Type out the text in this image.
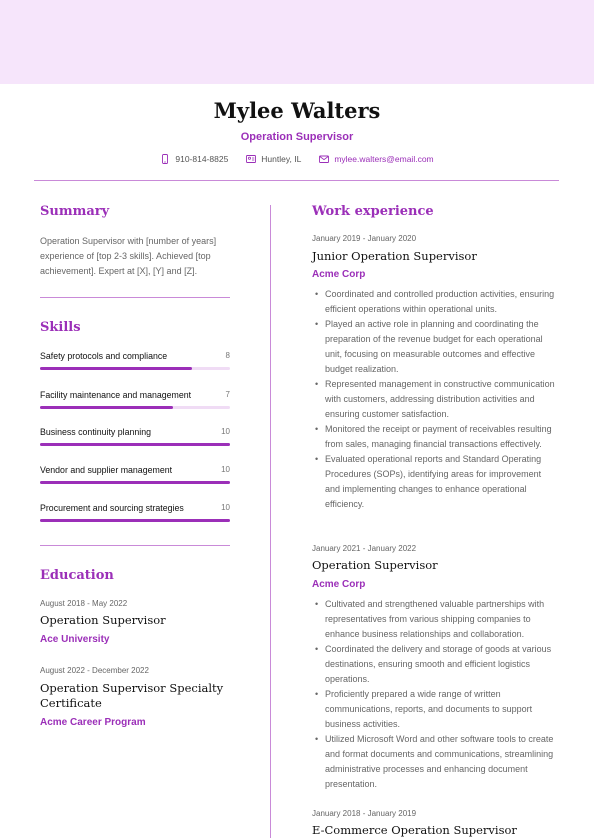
Mylee Walters
Operation Supervisor
910-814-8825	Huntley, IL	mylee.walters@email.com
Summary
Operation Supervisor with [number of years] experience of [top 2-3 skills]. Achieved [top achievement]. Expert at [X], [Y] and [Z].
Skills
Safety protocols and compliance	8
Facility maintenance and management	7
Business continuity planning	10
Vendor and supplier management	10
Procurement and sourcing strategies	10
Education
August 2018 - May 2022
Operation Supervisor
Ace University
August 2022 - December 2022
Operation Supervisor Specialty Certificate
Acme Career Program
Work experience
January 2019 - January 2020
Junior Operation Supervisor
Acme Corp
• Coordinated and controlled production activities, ensuring efficient operations within operational units.
• Played an active role in planning and coordinating the preparation of the revenue budget for each operational unit, focusing on measurable outcomes and effective budget realization.
• Represented management in constructive communication with customers, addressing distribution activities and ensuring customer satisfaction.
• Monitored the receipt or payment of receivables resulting from sales, managing financial transactions effectively.
• Evaluated operational reports and Standard Operating Procedures (SOPs), identifying areas for improvement and implementing changes to enhance operational efficiency.
January 2021 - January 2022
Operation Supervisor
Acme Corp
• Cultivated and strengthened valuable partnerships with representatives from various shipping companies to enhance business relationships and collaboration.
• Coordinated the delivery and storage of goods at various destinations, ensuring smooth and efficient logistics operations.
• Proficiently prepared a wide range of written communications, reports, and documents to support business activities.
• Utilized Microsoft Word and other software tools to create and format documents and communications, streamlining administrative processes and enhancing document presentation.
January 2018 - January 2019
E-Commerce Operation Supervisor
